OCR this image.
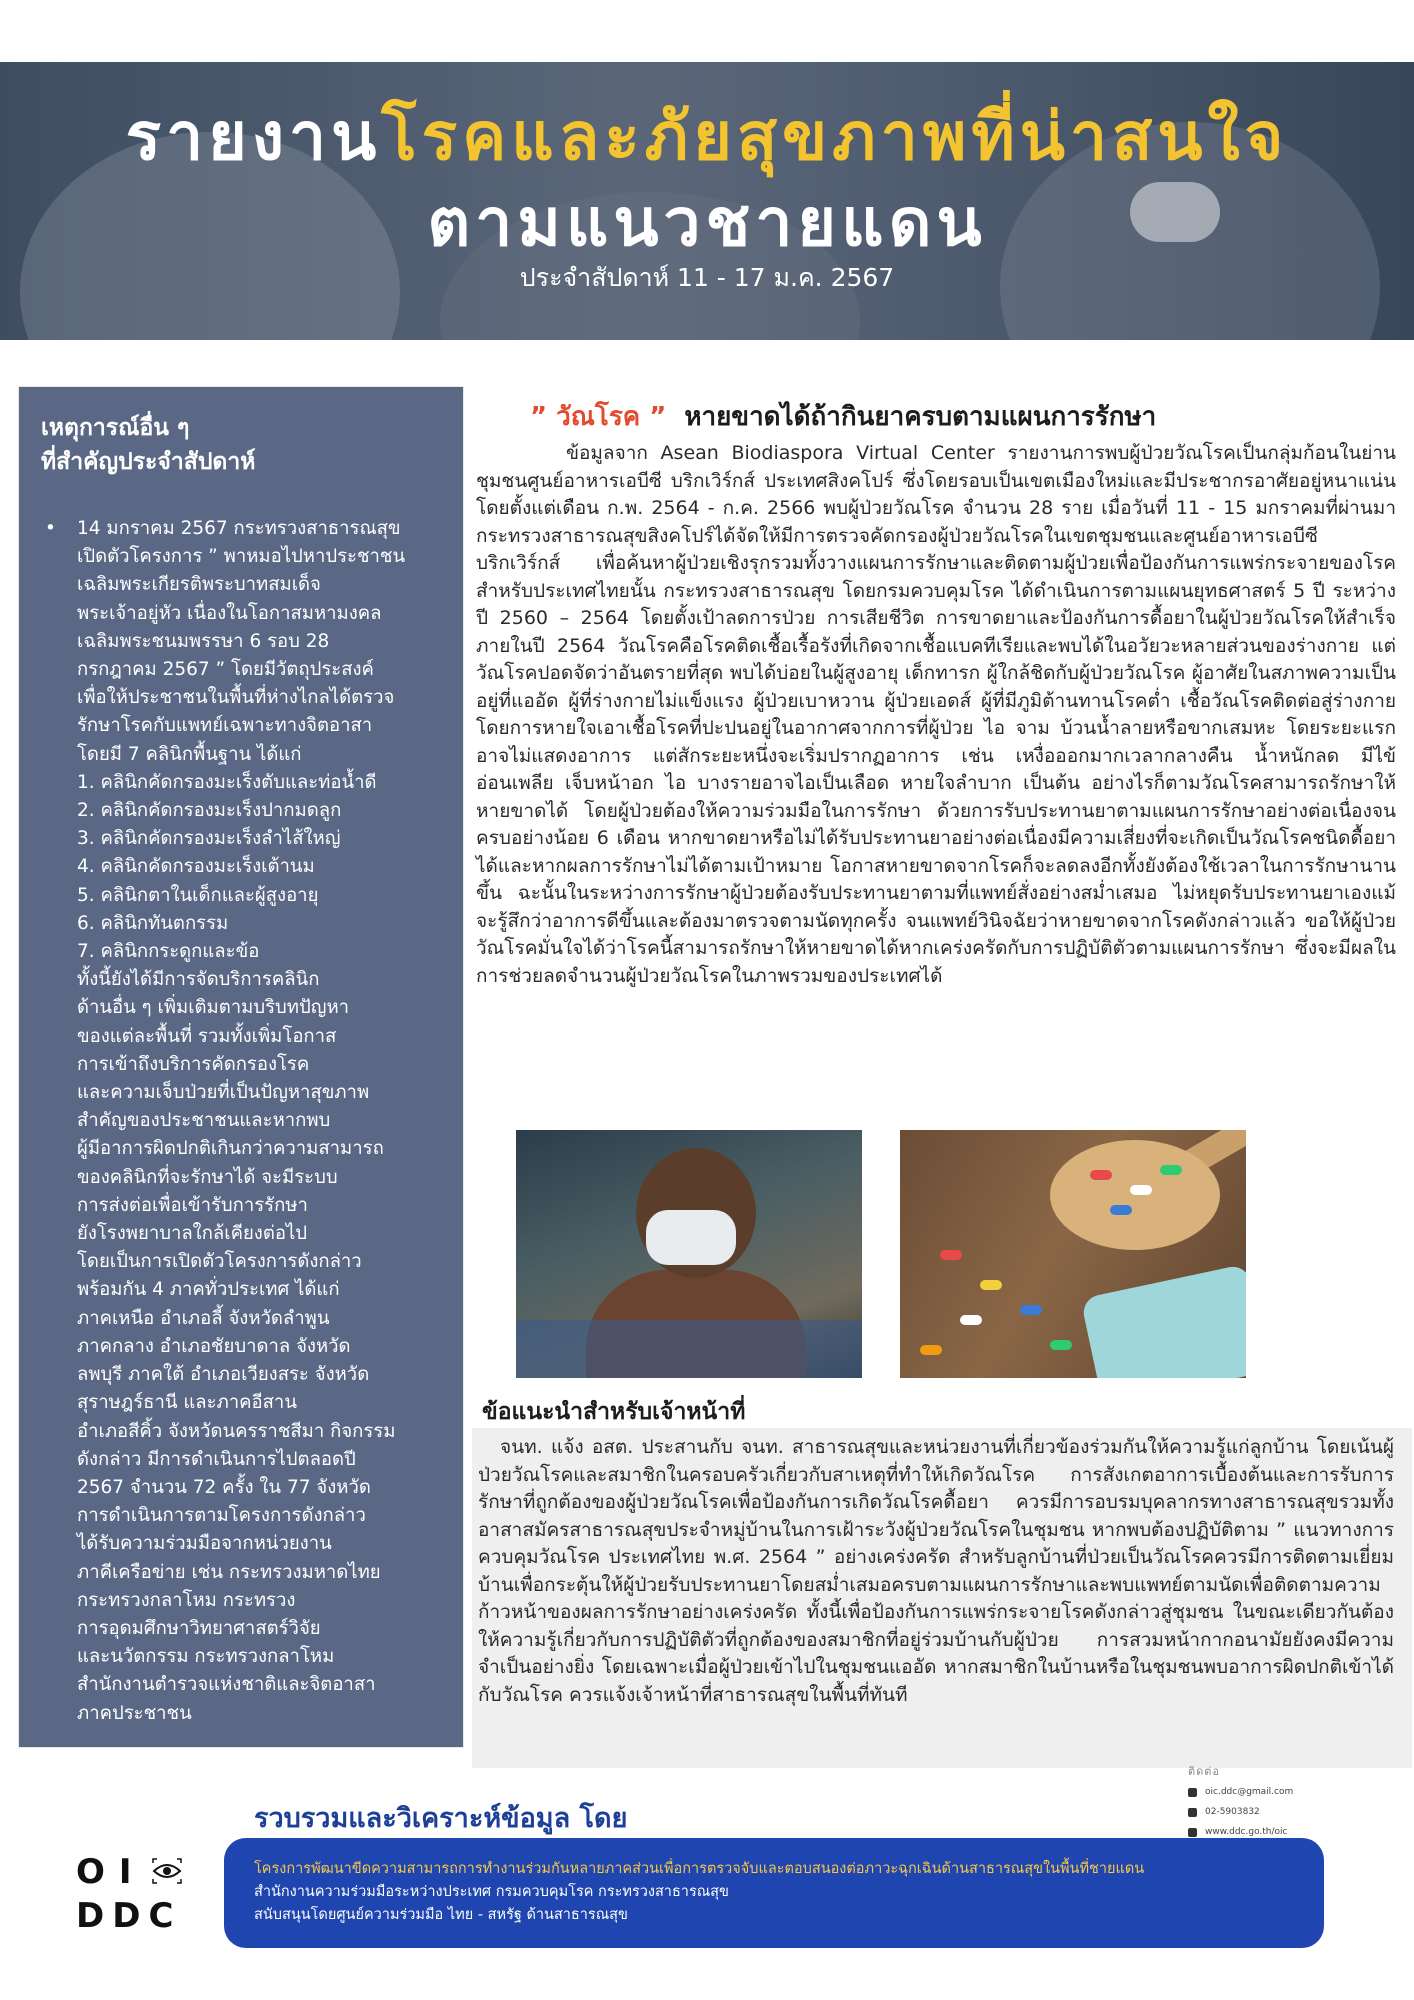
รายงานโรคและภัยสุขภาพที่น่าสนใจ
ตามแนวชายแดน
ประจำสัปดาห์ 11 - 17 ม.ค. 2567
เหตุการณ์อื่น ๆ
ที่สำคัญประจำสัปดาห์
• 14 มกราคม 2567 กระทรวงสาธารณสุข
เปิดตัวโครงการ ” พาหมอไปหาประชาชน
เฉลิมพระเกียรติพระบาทสมเด็จ
พระเจ้าอยู่หัว เนื่องในโอกาสมหามงคล
เฉลิมพระชนมพรรษา 6 รอบ 28
กรกฎาคม 2567 ” โดยมีวัตถุประสงค์
เพื่อให้ประชาชนในพื้นที่ห่างไกลได้ตรวจ
รักษาโรคกับแพทย์เฉพาะทางจิตอาสา
โดยมี 7 คลินิกพื้นฐาน ได้แก่
1. คลินิกคัดกรองมะเร็งตับและท่อน้ำดี
2. คลินิกคัดกรองมะเร็งปากมดลูก
3. คลินิกคัดกรองมะเร็งลำไส้ใหญ่
4. คลินิกคัดกรองมะเร็งเต้านม
5. คลินิกตาในเด็กและผู้สูงอายุ
6. คลินิกทันตกรรม
7. คลินิกกระดูกและข้อ
ทั้งนี้ยังได้มีการจัดบริการคลินิก
ด้านอื่น ๆ เพิ่มเติมตามบริบทปัญหา
ของแต่ละพื้นที่ รวมทั้งเพิ่มโอกาส
การเข้าถึงบริการคัดกรองโรค
และความเจ็บป่วยที่เป็นปัญหาสุขภาพ
สำคัญของประชาชนและหากพบ
ผู้มีอาการผิดปกติเกินกว่าความสามารถ
ของคลินิกที่จะรักษาได้ จะมีระบบ
การส่งต่อเพื่อเข้ารับการรักษา
ยังโรงพยาบาลใกล้เคียงต่อไป
โดยเป็นการเปิดตัวโครงการดังกล่าว
พร้อมกัน 4 ภาคทั่วประเทศ ได้แก่
ภาคเหนือ อำเภอลี้ จังหวัดลำพูน
ภาคกลาง อำเภอชัยบาดาล จังหวัด
ลพบุรี ภาคใต้ อำเภอเวียงสระ จังหวัด
สุราษฎร์ธานี และภาคอีสาน
อำเภอสีคิ้ว จังหวัดนครราชสีมา กิจกรรม
ดังกล่าว มีการดำเนินการไปตลอดปี
2567 จำนวน 72 ครั้ง ใน 77 จังหวัด
การดำเนินการตามโครงการดังกล่าว
ได้รับความร่วมมือจากหน่วยงาน
ภาคีเครือข่าย เช่น กระทรวงมหาดไทย
กระทรวงกลาโหม กระทรวง
การอุดมศึกษาวิทยาศาสตร์วิจัย
และนวัตกรรม กระทรวงกลาโหม
สำนักงานตำรวจแห่งชาติและจิตอาสา
ภาคประชาชน
” วัณโรค ” หายขาดได้ถ้ากินยาครบตามแผนการรักษา

ข้อมูลจาก Asean Biodiaspora Virtual Center รายงานการพบผู้ป่วยวัณโรคเป็นกลุ่มก้อนในย่านชุมชนศูนย์อาหารเอบีซี บริกเวิร์กส์ ประเทศสิงคโปร์ ซึ่งโดยรอบเป็นเขตเมืองใหม่และมีประชากรอาศัยอยู่หนาแน่น โดยตั้งแต่เดือน ก.พ. 2564 - ก.ค. 2566 พบผู้ป่วยวัณโรค จำนวน 28 ราย เมื่อวันที่ 11 - 15 มกราคมที่ผ่านมา กระทรวงสาธารณสุขสิงคโปร์ได้จัดให้มีการตรวจคัดกรองผู้ป่วยวัณโรคในเขตชุมชนและศูนย์อาหารเอบีซี บริกเวิร์กส์ เพื่อค้นหาผู้ป่วยเชิงรุกรวมทั้งวางแผนการรักษาและติดตามผู้ป่วยเพื่อป้องกันการแพร่กระจายของโรค สำหรับประเทศไทยนั้น กระทรวงสาธารณสุข โดยกรมควบคุมโรค ได้ดำเนินการตามแผนยุทธศาสตร์ 5 ปี ระหว่างปี 2560 – 2564 โดยตั้งเป้าลดการป่วย การเสียชีวิต การขาดยาและป้องกันการดื้อยาในผู้ป่วยวัณโรคให้สำเร็จภายในปี 2564 วัณโรคคือโรคติดเชื้อเรื้อรังที่เกิดจากเชื้อแบคทีเรียและพบได้ในอวัยวะหลายส่วนของร่างกาย แต่วัณโรคปอดจัดว่าอันตรายที่สุด พบได้บ่อยในผู้สูงอายุ เด็กทารก ผู้ใกล้ชิดกับผู้ป่วยวัณโรค ผู้อาศัยในสภาพความเป็นอยู่ที่แออัด ผู้ที่ร่างกายไม่แข็งแรง ผู้ป่วยเบาหวาน ผู้ป่วยเอดส์ ผู้ที่มีภูมิต้านทานโรคต่ำ เชื้อวัณโรคติดต่อสู่ร่างกายโดยการหายใจเอาเชื้อโรคที่ปะปนอยู่ในอากาศจากการที่ผู้ป่วย ไอ จาม บ้วนน้ำลายหรือขากเสมหะ โดยระยะแรกอาจไม่แสดงอาการ แต่สักระยะหนึ่งจะเริ่มปรากฏอาการ เช่น เหงื่อออกมากเวลากลางคืน น้ำหนักลด มีไข้ อ่อนเพลีย เจ็บหน้าอก ไอ บางรายอาจไอเป็นเลือด หายใจลำบาก เป็นต้น อย่างไรก็ตามวัณโรคสามารถรักษาให้หายขาดได้ โดยผู้ป่วยต้องให้ความร่วมมือในการรักษา ด้วยการรับประทานยาตามแผนการรักษาอย่างต่อเนื่องจนครบอย่างน้อย 6 เดือน หากขาดยาหรือไม่ได้รับประทานยาอย่างต่อเนื่องมีความเสี่ยงที่จะเกิดเป็นวัณโรคชนิดดื้อยาได้และหากผลการรักษาไม่ได้ตามเป้าหมาย โอกาสหายขาดจากโรคก็จะลดลงอีกทั้งยังต้องใช้เวลาในการรักษานานขึ้น ฉะนั้นในระหว่างการรักษาผู้ป่วยต้องรับประทานยาตามที่แพทย์สั่งอย่างสม่ำเสมอ ไม่หยุดรับประทานยาเองแม้จะรู้สึกว่าอาการดีขึ้นและต้องมาตรวจตามนัดทุกครั้ง จนแพทย์วินิจฉัยว่าหายขาดจากโรคดังกล่าวแล้ว ขอให้ผู้ป่วยวัณโรคมั่นใจได้ว่าโรคนี้สามารถรักษาให้หายขาดได้หากเคร่งครัดกับการปฏิบัติตัวตามแผนการรักษา ซึ่งจะมีผลในการช่วยลดจำนวนผู้ป่วยวัณโรคในภาพรวมของประเทศได้

ข้อแนะนำสำหรับเจ้าหน้าที่

จนท. แจ้ง อสต. ประสานกับ จนท. สาธารณสุขและหน่วยงานที่เกี่ยวข้องร่วมกันให้ความรู้แก่ลูกบ้าน โดยเน้นผู้ป่วยวัณโรคและสมาชิกในครอบครัวเกี่ยวกับสาเหตุที่ทำให้เกิดวัณโรค การสังเกตอาการเบื้องต้นและการรับการรักษาที่ถูกต้องของผู้ป่วยวัณโรคเพื่อป้องกันการเกิดวัณโรคดื้อยา ควรมีการอบรมบุคลากรทางสาธารณสุขรวมทั้งอาสาสมัครสาธารณสุขประจำหมู่บ้านในการเฝ้าระวังผู้ป่วยวัณโรคในชุมชน หากพบต้องปฏิบัติตาม ” แนวทางการควบคุมวัณโรค ประเทศไทย พ.ศ. 2564 ” อย่างเคร่งครัด สำหรับลูกบ้านที่ป่วยเป็นวัณโรคควรมีการติดตามเยี่ยมบ้านเพื่อกระตุ้นให้ผู้ป่วยรับประทานยาโดยสม่ำเสมอครบตามแผนการรักษาและพบแพทย์ตามนัดเพื่อติดตามความก้าวหน้าของผลการรักษาอย่างเคร่งครัด ทั้งนี้เพื่อป้องกันการแพร่กระจายโรคดังกล่าวสู่ชุมชน ในขณะเดียวกันต้องให้ความรู้เกี่ยวกับการปฏิบัติตัวที่ถูกต้องของสมาชิกที่อยู่ร่วมบ้านกับผู้ป่วย การสวมหน้ากากอนามัยยังคงมีความจำเป็นอย่างยิ่ง โดยเฉพาะเมื่อผู้ป่วยเข้าไปในชุมชนแออัด หากสมาชิกในบ้านหรือในชุมชนพบอาการผิดปกติเข้าได้กับวัณโรค ควรแจ้งเจ้าหน้าที่สาธารณสุขในพื้นที่ทันที

รวบรวมและวิเคราะห์ข้อมูล โดย
ติดต่อ
oic.ddc@gmail.com
02-5903832
www.ddc.go.th/oic
OI
DDC
โครงการพัฒนาขีดความสามารถการทำงานร่วมกันหลายภาคส่วนเพื่อการตรวจจับและตอบสนองต่อภาวะฉุกเฉินด้านสาธารณสุขในพื้นที่ชายแดน
สำนักงานความร่วมมือระหว่างประเทศ กรมควบคุมโรค กระทรวงสาธารณสุข
สนับสนุนโดยศูนย์ความร่วมมือ ไทย - สหรัฐ ด้านสาธารณสุข
